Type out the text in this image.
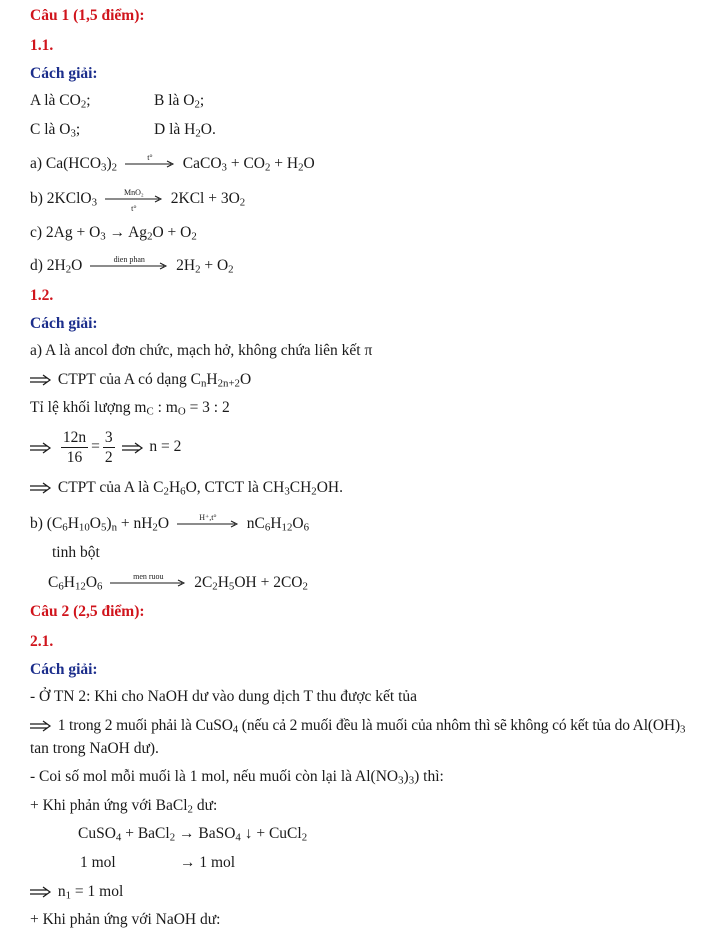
Câu 1 (1,5 điểm):
1.1.
Cách giải:
A là $CO_2$;	B là $O_2$;
C là $O_3$;	D là $H_2O$.
a) $Ca(HCO_3)_2$
t°	CaCO$_3$ + $CO_2 + H_2O$
b) 2KClO$_3$
MnO₂
t°
$2KCl + 3O_2$
c) $2Ag + O_3 \to Ag_2O + O_2$
d) $2H_2O$	dien phan	$2H_2 + O_2$
1.2.
Cách giải:
a) A là ancol đơn chức, mạch hở, không chứa liên kết π
CTPT của A có dạng $C_nH_{2n+2}O$
Tỉ lệ khối lượng $m_C$ : $m_O = 3$ : 2

$\frac{12n}{16} = \frac{3}{2}$ n = 2
CTPT của A là $C_2H_6O$, CTCT là $CH_3CH_2OH$.
b) $(C_6H_{10}O_5)_n + nH_2O$	H⁺,t°	$nC_6H_{12}O_6$
tinh bột
$C_6H_{12}O_6$
men ruou	$2C_2H_5OH + 2CO_2$
Câu 2 (2,5 điểm):
2.1.
Cách giải:
- Ở TN 2: Khi cho NaOH dư vào dung dịch T thu được kết tủa
1 trong 2 muối phải là CuSO$_4$ (nếu cả 2 muối đều là muối của nhôm thì sẽ không có kết tủa do $Al(OH)_3$
tan trong NaOH dư).
- Coi số mol mỗi muối là 1 mol, nếu muối còn lại là $Al(NO_3)_3$) thì:
+ Khi phản ứng với BaCl$_2$ dư:
CuSO$_4$ + BaCl$_2$ → BaSO$_4$ ↓ + CuCl$_2$
1 mol	→ 1 mol
$n_1 = 1$ mol
+ Khi phản ứng với NaOH dư:
